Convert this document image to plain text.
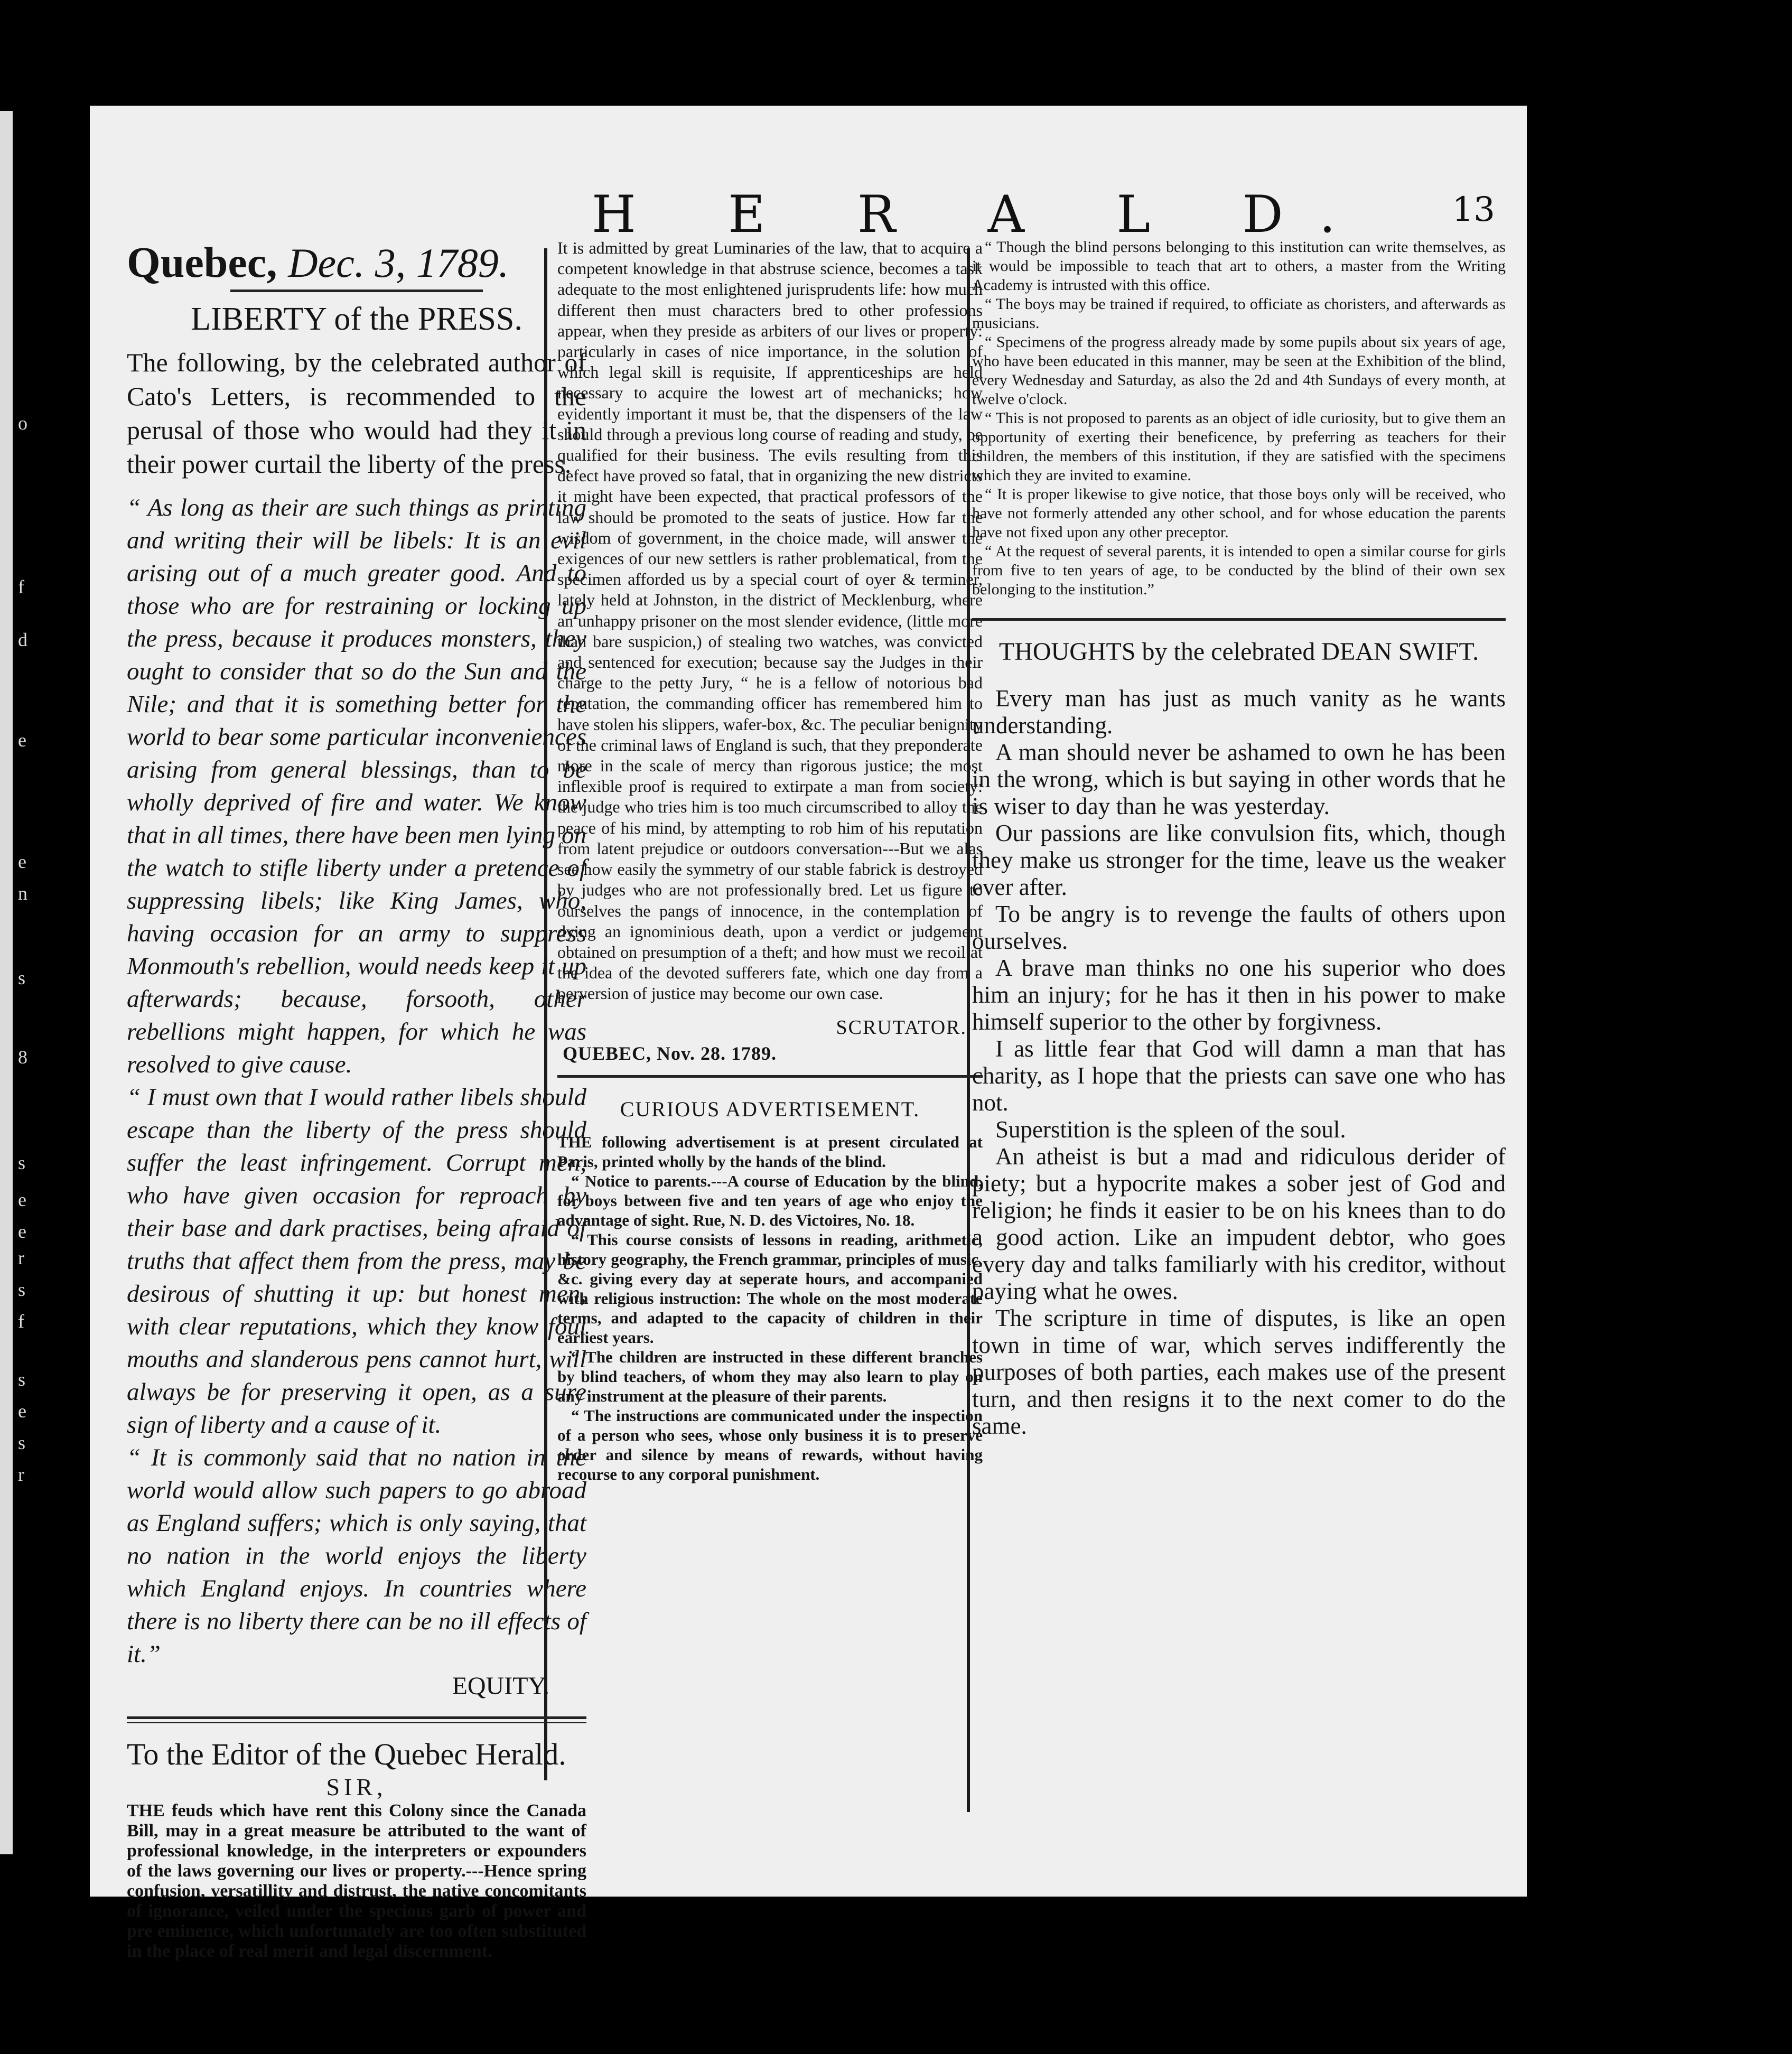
o
f
d
e
e
n
s
8
s
e
e
r
s
f
s
e
s
r
H E R A L D. 13
Quebec, Dec. 3, 1789.
LIBERTY of the PRESS.

The following, by the celebrated author of Cato's Letters, is recommended to the perusal of those who would had they it in their power curtail the liberty of the press.

“ As long as their are such things as printing and writing their will be libels: It is an evil arising out of a much greater good. And to those who are for restraining or locking up the press, because it produces monsters, they ought to consider that so do the Sun and the Nile; and that it is something better for the world to bear some particular inconveniences arising from general blessings, than to be wholly deprived of fire and water. We know that in all times, there have been men lying on the watch to stifle liberty under a pretence of suppressing libels; like King James, who, having occasion for an army to suppress Monmouth's rebellion, would needs keep it up afterwards; because, forsooth, other rebellions might happen, for which he was resolved to give cause.

“ I must own that I would rather libels should escape than the liberty of the press should suffer the least infringement. Corrupt men, who have given occasion for reproach by their base and dark practises, being afraid of truths that affect them from the press, may be desirous of shutting it up: but honest men, with clear reputations, which they know foul mouths and slanderous pens cannot hurt, will always be for preserving it open, as a sure sign of liberty and a cause of it.

“ It is commonly said that no nation in the world would allow such papers to go abroad as England suffers; which is only saying, that no nation in the world enjoys the liberty which England enjoys. In countries where there is no liberty there can be no ill effects of it.”

EQUITY.
To the Editor of the Quebec Herald.

SIR,

THE feuds which have rent this Colony since the Canada Bill, may in a great measure be attributed to the want of professional knowledge, in the interpreters or expounders of the laws governing our lives or property.---Hence spring confusion, versatillity and distrust, the native concomitants of ignorance, veiled under the specious garb of power and pre eminence, which unfortunately are too often substituted in the place of real merit and legal discernment.

It is admitted by great Luminaries of the law, that to acquire a competent knowledge in that abstruse science, becomes a task adequate to the most enlightened jurisprudents life: how much different then must characters bred to other professions appear, when they preside as arbiters of our lives or property: particularly in cases of nice importance, in the solution of which legal skill is requisite, If apprenticeships are held necessary to acquire the lowest art of mechanicks; how evidently important it must be, that the dispensers of the law should through a previous long course of reading and study, be qualified for their business. The evils resulting from this defect have proved so fatal, that in organizing the new districts it might have been expected, that practical professors of the law should be promoted to the seats of justice. How far the wisdom of government, in the choice made, will answer the exigences of our new settlers is rather problematical, from the specimen afforded us by a special court of oyer & terminer, lately held at Johnston, in the district of Mecklenburg, where an unhappy prisoner on the most slender evidence, (little more than bare suspicion,) of stealing two watches, was convicted and sentenced for execution; because say the Judges in their charge to the petty Jury, “ he is a fellow of notorious bad reputation, the commanding officer has remembered him to have stolen his slippers, wafer-box, &c. The peculiar benignity of the criminal laws of England is such, that they preponderate more in the scale of mercy than rigorous justice; the most inflexible proof is required to extirpate a man from society: the judge who tries him is too much circumscribed to alloy the peace of his mind, by attempting to rob him of his reputation from latent prejudice or outdoors conversation---But we alas see how easily the symmetry of our stable fabrick is destroyed by judges who are not professionally bred. Let us figure to ourselves the pangs of innocence, in the contemplation of dying an ignominious death, upon a verdict or judgement obtained on presumption of a theft; and how must we recoil at the idea of the devoted sufferers fate, which one day from a perversion of justice may become our own case.

SCRUTATOR.
QUEBEC, Nov. 28. 1789.
CURIOUS ADVERTISEMENT.

THE following advertisement is at present circulated at Paris, printed wholly by the hands of the blind.

“ Notice to parents.---A course of Education by the blind, for boys between five and ten years of age who enjoy the advantage of sight. Rue, N. D. des Victoires, No. 18.

“ This course consists of lessons in reading, arithmetic, history geography, the French grammar, principles of music, &c. giving every day at seperate hours, and accompanied with religious instruction: The whole on the most moderate terms, and adapted to the capacity of children in their earliest years.

“ The children are instructed in these different branches by blind teachers, of whom they may also learn to play on any instrument at the pleasure of their parents.

“ The instructions are communicated under the inspection of a person who sees, whose only business it is to preserve order and silence by means of rewards, without having recourse to any corporal punishment.

“ Though the blind persons belonging to this institution can write themselves, as it would be impossible to teach that art to others, a master from the Writing Academy is intrusted with this office.

“ The boys may be trained if required, to officiate as choristers, and afterwards as musicians.

“ Specimens of the progress already made by some pupils about six years of age, who have been educated in this manner, may be seen at the Exhibition of the blind, every Wednesday and Saturday, as also the 2d and 4th Sundays of every month, at twelve o'clock.

“ This is not proposed to parents as an object of idle curiosity, but to give them an opportunity of exerting their beneficence, by preferring as teachers for their children, the members of this institution, if they are satisfied with the specimens which they are invited to examine.

“ It is proper likewise to give notice, that those boys only will be received, who have not formerly attended any other school, and for whose education the parents have not fixed upon any other preceptor.

“ At the request of several parents, it is intended to open a similar course for girls from five to ten years of age, to be conducted by the blind of their own sex belonging to the institution.”

THOUGHTS by the celebrated DEAN SWIFT.

Every man has just as much vanity as he wants understanding.

A man should never be ashamed to own he has been in the wrong, which is but saying in other words that he is wiser to day than he was yesterday.

Our passions are like convulsion fits, which, though they make us stronger for the time, leave us the weaker ever after.

To be angry is to revenge the faults of others upon ourselves.

A brave man thinks no one his superior who does him an injury; for he has it then in his power to make himself superior to the other by forgivness.

I as little fear that God will damn a man that has charity, as I hope that the priests can save one who has not.

Superstition is the spleen of the soul.

An atheist is but a mad and ridiculous derider of piety; but a hypocrite makes a sober jest of God and religion; he finds it easier to be on his knees than to do a good action. Like an impudent debtor, who goes every day and talks familiarly with his creditor, without paying what he owes.

The scripture in time of disputes, is like an open town in time of war, which serves indifferently the purposes of both parties, each makes use of the present turn, and then resigns it to the next comer to do the same.
